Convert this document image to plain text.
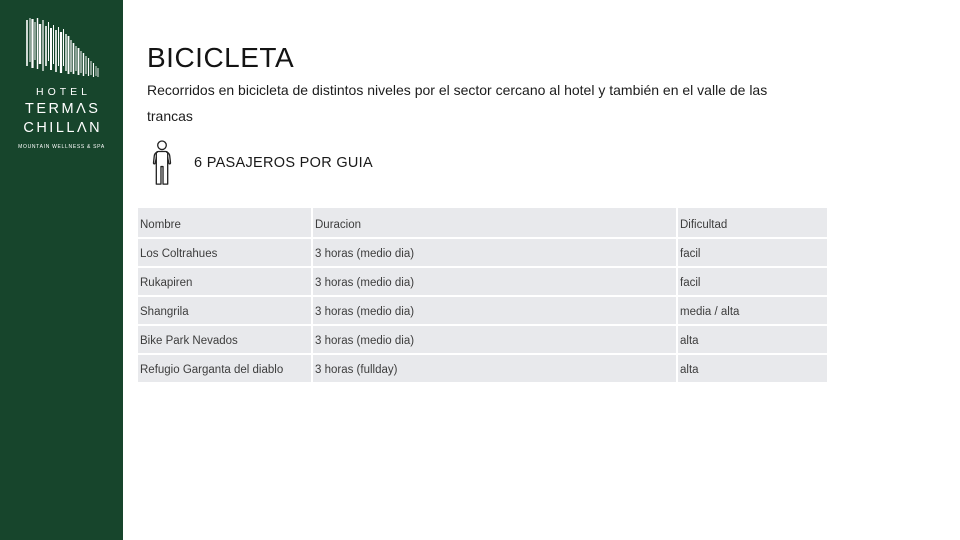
HOTEL
TERMΛS
CHILLΛN
MOUNTAIN WELLNESS & SPA
BICICLETA
Recorridos en bicicleta de distintos niveles por el sector cercano al hotel y también en el valle de las trancas
6 PASAJEROS POR GUIA
Nombre	Duracion	Dificultad
Los Coltrahues	3 horas (medio dia)	facil
Rukapiren	3 horas (medio dia)	facil
Shangrila	3 horas (medio dia)	media / alta
Bike Park Nevados	3 horas (medio dia)	alta
Refugio Garganta del diablo	3 horas (fullday)	alta
